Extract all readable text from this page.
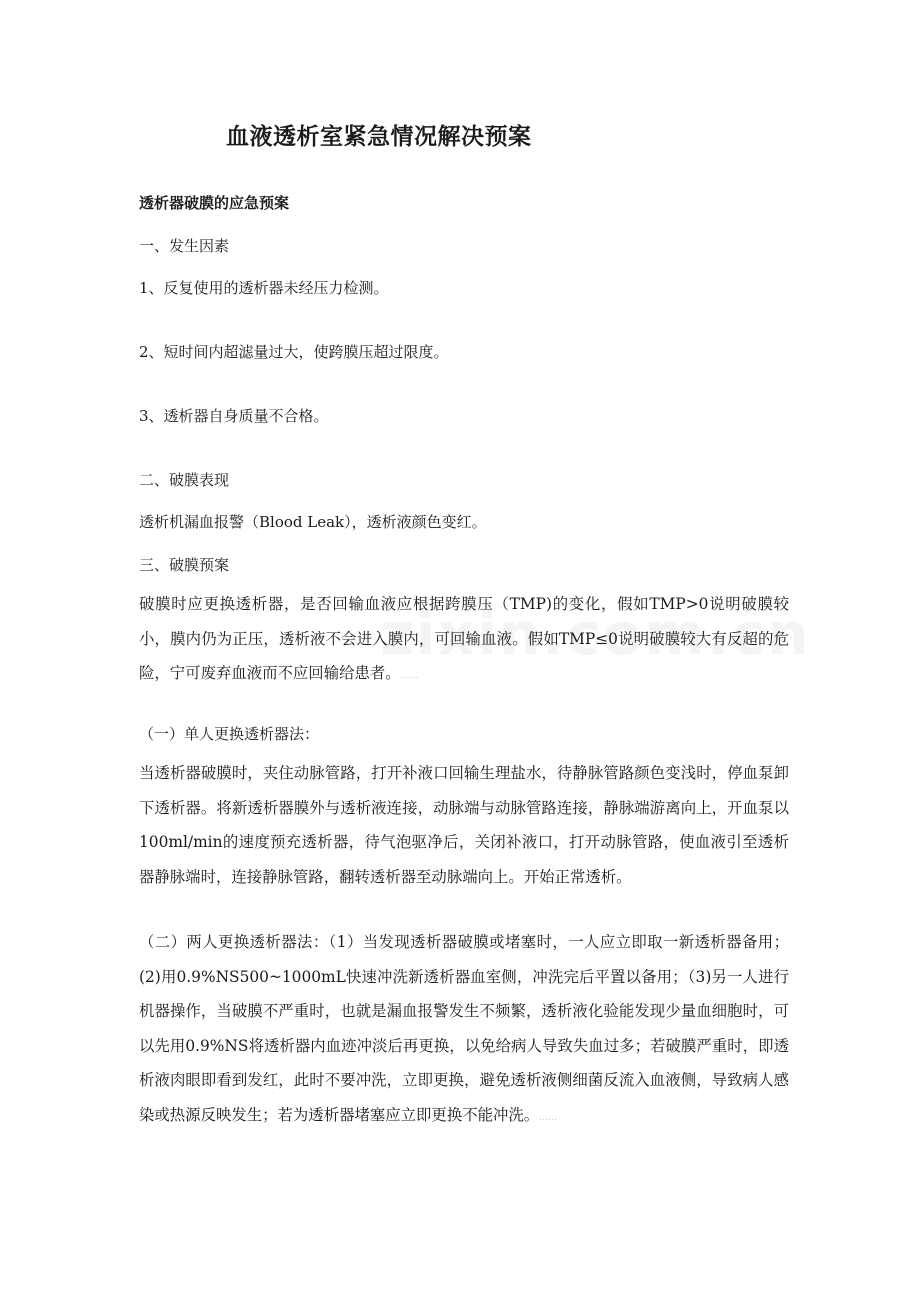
血液透析室紧急情况解决预案
透析器破膜的应急预案
一、发生因素
1、反复使用的透析器未经压力检测。
2、短时间内超滤量过大，使跨膜压超过限度。
3、透析器自身质量不合格。
二、破膜表现
透析机漏血报警（Blood Leak），透析液颜色变红。
三、破膜预案
破膜时应更换透析器，是否回输血液应根据跨膜压（TMP)的变化，假如TMP>0说明破膜较小，膜内仍为正压，透析液不会进入膜内，可回输血液。假如TMP≤0说明破膜较大有反超的危险，宁可废弃血液而不应回输给患者。……
（一）单人更换透析器法：
当透析器破膜时，夹住动脉管路，打开补液口回输生理盐水，待静脉管路颜色变浅时，停血泵卸下透析器。将新透析器膜外与透析液连接，动脉端与动脉管路连接，静脉端游离向上，开血泵以100ml/min的速度预充透析器，待气泡驱净后，关闭补液口，打开动脉管路，使血液引至透析器静脉端时，连接静脉管路，翻转透析器至动脉端向上。开始正常透析。
（二）两人更换透析器法：（1）当发现透析器破膜或堵塞时，一人应立即取一新透析器备用；(2)用0.9%NS500~1000mL快速冲洗新透析器血室侧，冲洗完后平置以备用；（3)另一人进行机器操作，当破膜不严重时，也就是漏血报警发生不频繁，透析液化验能发现少量血细胞时，可以先用0.9%NS将透析器内血迹冲淡后再更换，以免给病人导致失血过多；若破膜严重时，即透析液肉眼即看到发红，此时不要冲洗，立即更换，避免透析液侧细菌反流入血液侧，导致病人感染或热源反映发生；若为透析器堵塞应立即更换不能冲洗。……
